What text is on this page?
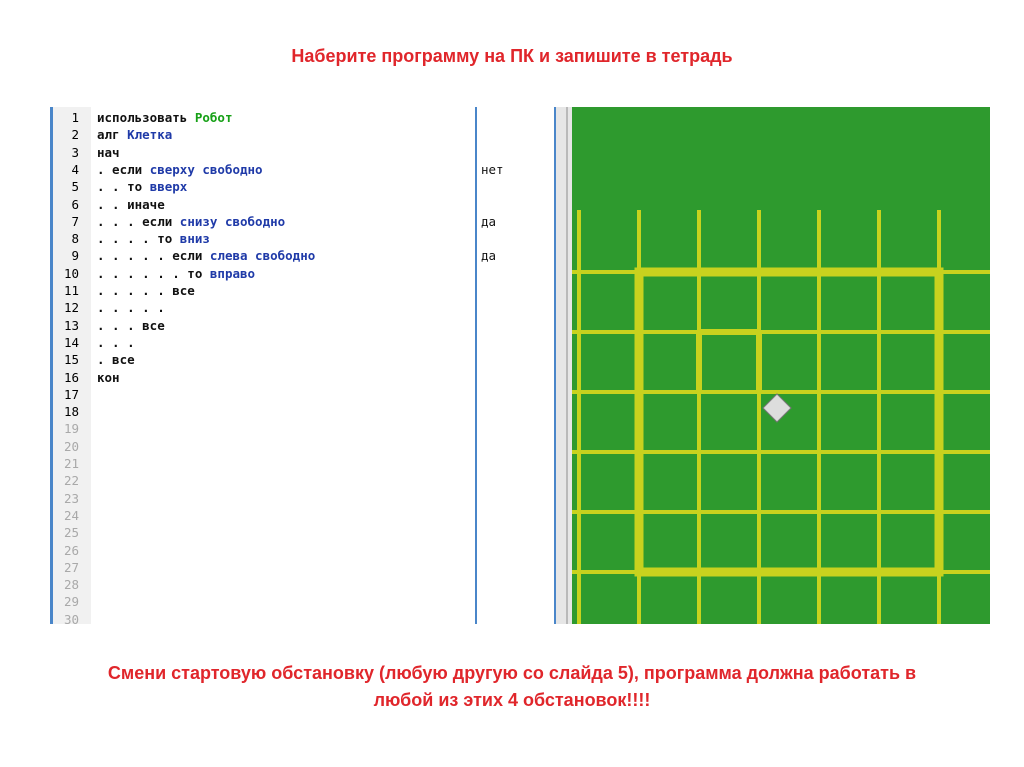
Наберите программу на ПК и запишите в тетрадь
1 использовать Робот
2 алг Клетка
3 нач
4 . если сверху свободно
5 . . то вверх
6 . . иначе
7 . . . если снизу свободно
8 . . . . то вниз
9 . . . . . если слева свободно
10 . . . . . . то вправо
11 . . . . . все
12 . . . . .
13 . . . все
14 . . .
15 . все
16 кон
17
18
19
20
21
22
23
24
25
26
27
28
29
30
нет
да
да
Смени стартовую обстановку (любую другую со слайда 5), программа должна работать в
любой из этих 4 обстановок!!!!
